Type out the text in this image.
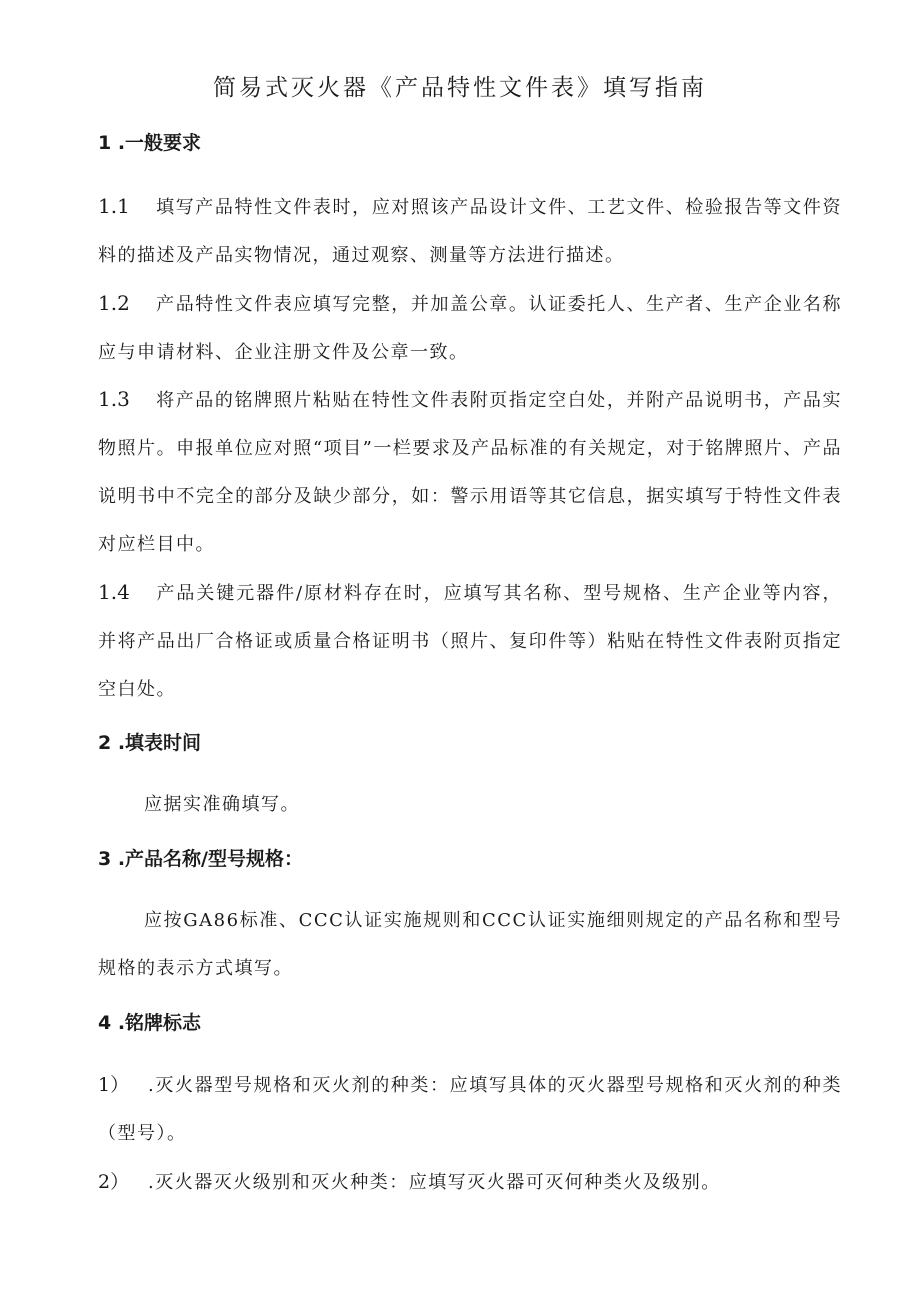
简易式灭火器《产品特性文件表》填写指南
1 .一般要求

1.1 填写产品特性文件表时，应对照该产品设计文件、工艺文件、检验报告等文件资料的描述及产品实物情况，通过观察、测量等方法进行描述。

1.2 产品特性文件表应填写完整，并加盖公章。认证委托人、生产者、生产企业名称应与申请材料、企业注册文件及公章一致。

1.3 将产品的铭牌照片粘贴在特性文件表附页指定空白处，并附产品说明书，产品实物照片。申报单位应对照“项目”一栏要求及产品标准的有关规定，对于铭牌照片、产品说明书中不完全的部分及缺少部分，如：警示用语等其它信息，据实填写于特性文件表对应栏目中。

1.4 产品关键元器件/原材料存在时，应填写其名称、型号规格、生产企业等内容，并将产品出厂合格证或质量合格证明书（照片、复印件等）粘贴在特性文件表附页指定空白处。

2 .填表时间

应据实准确填写。

3 .产品名称/型号规格：

应按GA86标准、CCC认证实施规则和CCC认证实施细则规定的产品名称和型号规格的表示方式填写。

4 .铭牌标志

1） .灭火器型号规格和灭火剂的种类：应填写具体的灭火器型号规格和灭火剂的种类（型号）。

2） .灭火器灭火级别和灭火种类：应填写灭火器可灭何种类火及级别。
